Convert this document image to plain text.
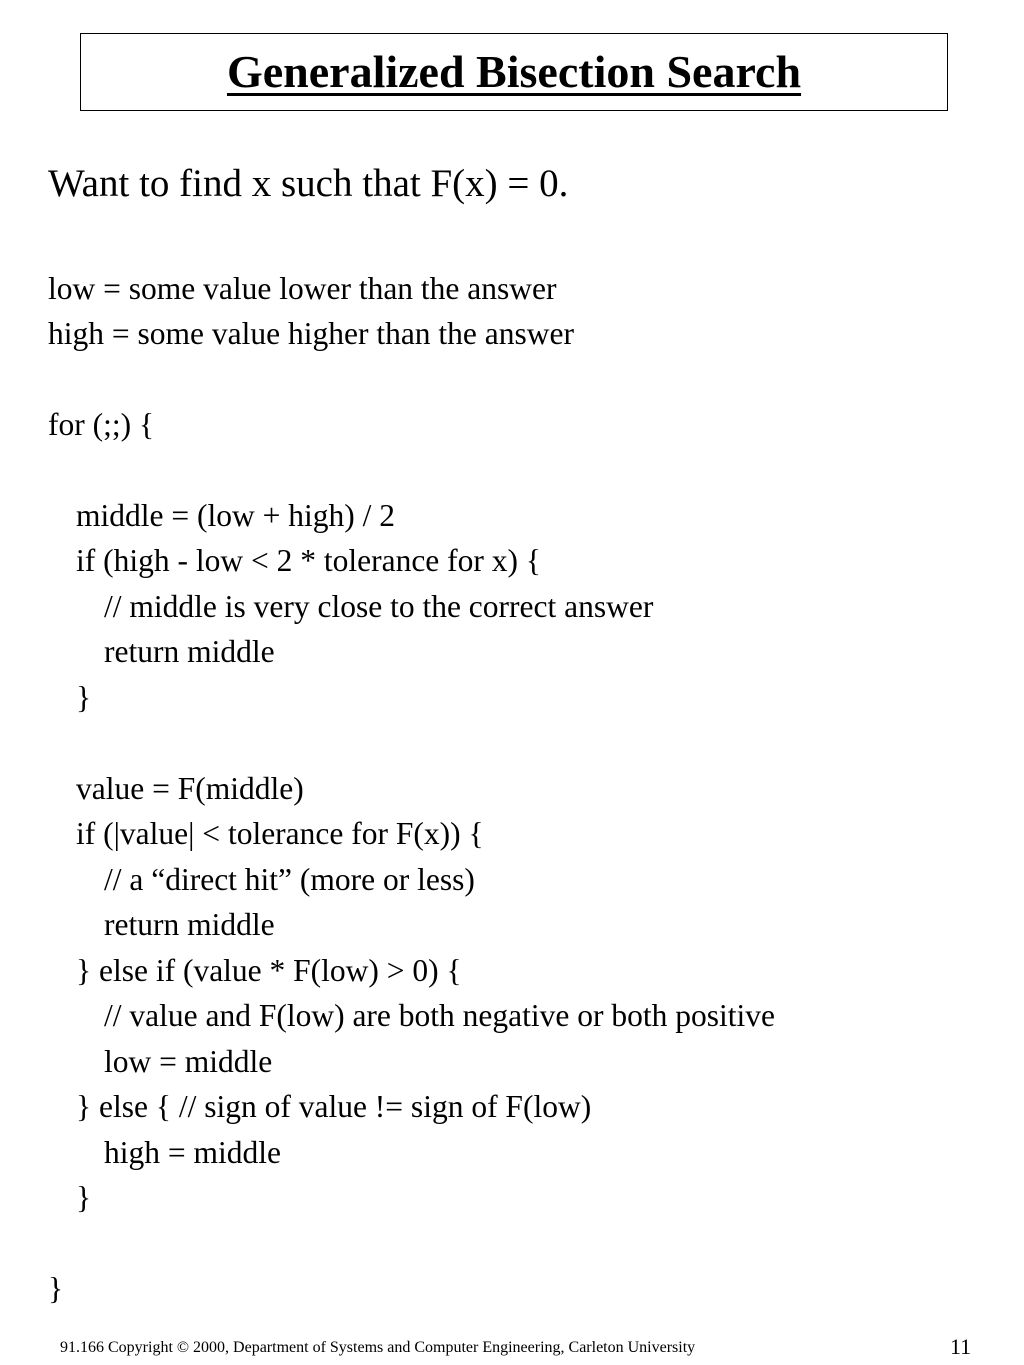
Generalized Bisection Search
Want to find x such that F(x) = 0.
low = some value lower than the answer
high = some value higher than the answer
for (;;) {
middle = (low + high) / 2
if (high - low < 2 * tolerance for x) {
// middle is very close to the correct answer
return middle
}
value = F(middle)
if (|value| < tolerance for F(x)) {
// a “direct hit” (more or less)
return middle
} else if (value * F(low) > 0) {
// value and F(low) are both negative or both positive
low = middle
} else { // sign of value != sign of F(low)
high = middle
}
}
91.166 Copyright © 2000, Department of Systems and Computer Engineering, Carleton University	11
